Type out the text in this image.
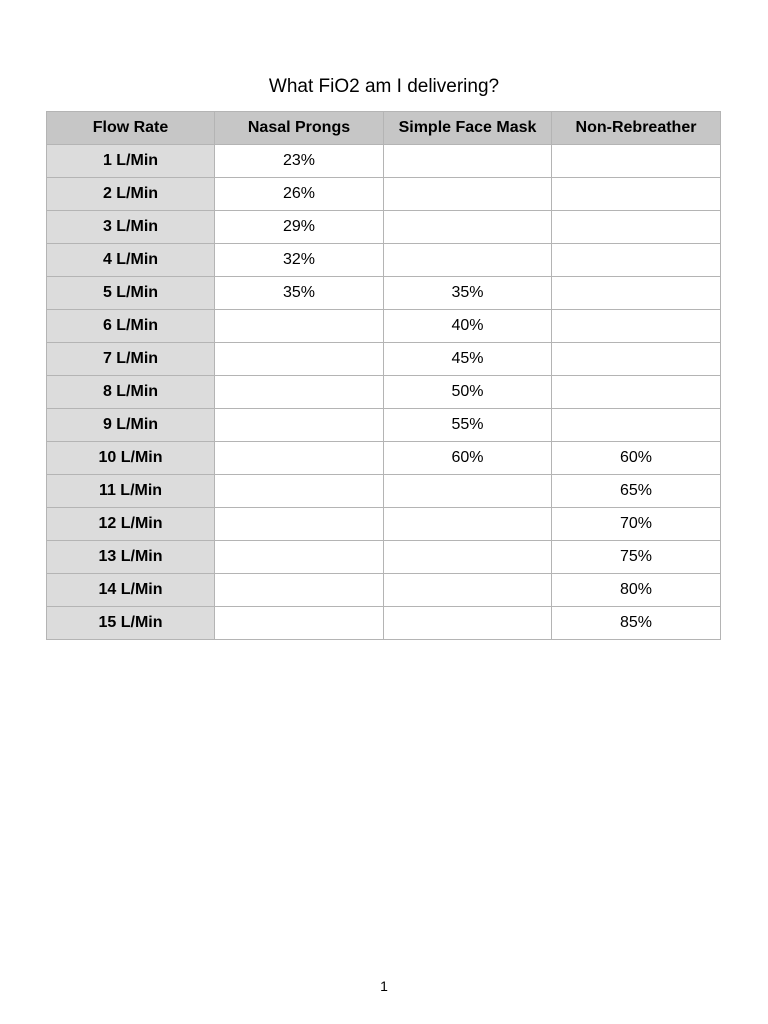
What FiO2 am I delivering?
Flow Rate	Nasal Prongs	Simple Face Mask	Non-Rebreather
1 L/Min	23%		
2 L/Min	26%		
3 L/Min	29%		
4 L/Min	32%		
5 L/Min	35%	35%	
6 L/Min		40%	
7 L/Min		45%	
8 L/Min		50%	
9 L/Min		55%	
10 L/Min		60%	60%
11 L/Min			65%
12 L/Min			70%
13 L/Min			75%
14 L/Min			80%
15 L/Min			85%
1
